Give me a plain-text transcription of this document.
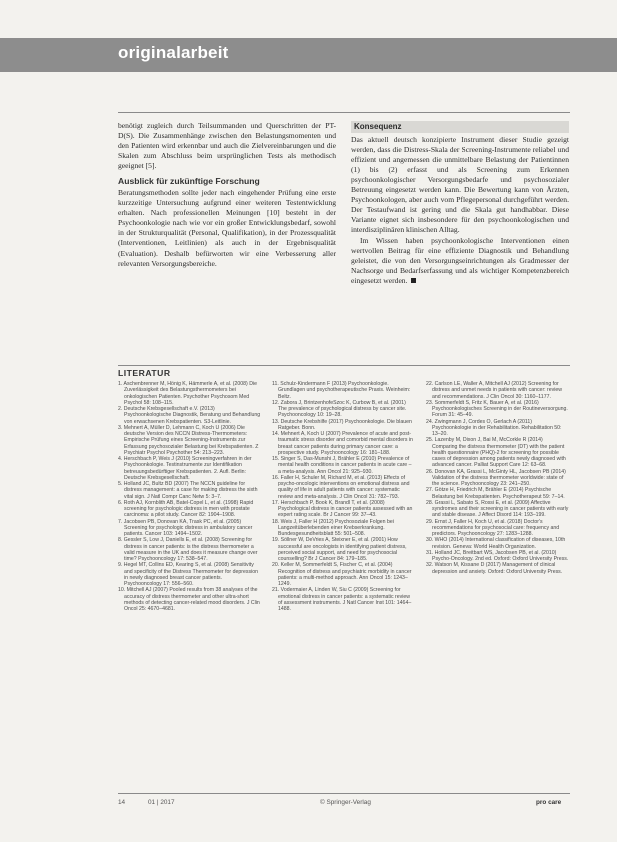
originalarbeit

benötigt zugleich durch Teilsummanden und Querschritten der PT-D(S). Die Zusammenhänge zwischen den Belastungsmomenten und den Patienten wird erkennbar und auch die Zielvereinbarungen und die Skalen zum Abschluss beim ursprünglichen Tests als methodisch geeignet [5].

Ausblick für zukünftige Forschung

Beratungsmethoden sollte jeder nach eingehender Prüfung eine erste kurzzeitige Untersuchung aufgrund einer weiteren Testentwicklung erhalten. Nach professionellen Meinungen [10] besteht in der Psychoonkologie nach wie vor ein großer Entwicklungsbedarf, sowohl in der Strukturqualität (Personal, Qualifikation), in der Prozessqualität (Interventionen, Leitlinien) als auch in der Ergebnisqualität (Evaluation). Deshalb befürworten wir eine Verbesserung aller relevanten Versorgungsbereiche.

Konsequenz

Das aktuell deutsch konzipierte Instrument dieser Studie gezeigt werden, dass die Distress-Skala der Screening-Instrumente reliabel und effizient und angemessen die unmittelbare Belastung der Patientinnen (1) bis (2) erfasst und als Screening zum Erkennen psychoonkologischer Versorgungsbedarfe und psychosozialer Betreuung eingesetzt werden kann. Die Bewertung kann von Ärzten, Psychoonkologen, aber auch vom Pflegepersonal durchgeführt werden. Der Testaufwand ist gering und die Skala gut handhabbar. Diese Variante eignet sich insbesondere für den psychoonkologischen und interdisziplinären klinischen Alltag.

Im Wissen haben psychoonkologische Interventionen einen wertvollen Beitrag für eine effiziente Diagnostik und Behandlung geleistet, die von den Versorgungseinrichtungen als Gradmesser der Nachsorge und Bedarfserfassung und als wichtiger Kompetenzbereich eingesetzt werden.

LITERATUR

1. Aschenbrenner M, Hönig K, Hämmerle A, et al. (2008) Die Zuverlässigkeit des Belastungsthermometers bei onkologischen Patienten. Psychother Psychosom Med Psychol 58: 108–115.

2. Deutsche Krebsgesellschaft e.V. (2013) Psychoonkologische Diagnostik, Beratung und Behandlung von erwachsenen Krebspatienten. S3-Leitlinie.

3. Mehnert A, Müller D, Lehmann C, Koch U (2006) Die deutsche Version des NCCN Distress-Thermometers: Empirische Prüfung eines Screening-Instruments zur Erfassung psychosozialer Belastung bei Krebspatienten. Z Psychiatr Psychol Psychother 54: 213–223.

4. Herschbach P, Weis J (2010) Screeningverfahren in der Psychoonkologie. Testinstrumente zur Identifikation betreuungsbedürftiger Krebspatienten. 2. Aufl. Berlin: Deutsche Krebsgesellschaft.

5. Holland JC, Bultz BD (2007) The NCCN guideline for distress management: a case for making distress the sixth vital sign. J Natl Compr Canc Netw 5: 3–7.

6. Roth AJ, Kornblith AB, Batel-Copel L, et al. (1998) Rapid screening for psychologic distress in men with prostate carcinoma: a pilot study. Cancer 82: 1904–1908.

7. Jacobsen PB, Donovan KA, Trask PC, et al. (2005) Screening for psychologic distress in ambulatory cancer patients. Cancer 103: 1494–1502.

8. Gessler S, Low J, Daniells E, et al. (2008) Screening for distress in cancer patients: is the distress thermometer a valid measure in the UK and does it measure change over time? Psychooncology 17: 538–547.

9. Hegel MT, Collins ED, Kearing S, et al. (2008) Sensitivity and specificity of the Distress Thermometer for depression in newly diagnosed breast cancer patients. Psychooncology 17: 556–560.

10. Mitchell AJ (2007) Pooled results from 38 analyses of the accuracy of distress thermometer and other ultra-short methods of detecting cancer-related mood disorders. J Clin Oncol 25: 4670–4681.

11. Schulz-Kindermann F (2013) Psychoonkologie. Grundlagen und psychotherapeutische Praxis. Weinheim: Beltz.

12. Zabora J, BrintzenhofeSzoc K, Curbow B, et al. (2001) The prevalence of psychological distress by cancer site. Psychooncology 10: 19–28.

13. Deutsche Krebshilfe (2017) Psychoonkologie. Die blauen Ratgeber. Bonn.

14. Mehnert A, Koch U (2007) Prevalence of acute and post-traumatic stress disorder and comorbid mental disorders in breast cancer patients during primary cancer care: a prospective study. Psychooncology 16: 181–188.

15. Singer S, Das-Munshi J, Brähler E (2010) Prevalence of mental health conditions in cancer patients in acute care – a meta-analysis. Ann Oncol 21: 925–930.

16. Faller H, Schuler M, Richard M, et al. (2013) Effects of psycho-oncologic interventions on emotional distress and quality of life in adult patients with cancer: systematic review and meta-analysis. J Clin Oncol 31: 782–793.

17. Herschbach P, Book K, Brandl T, et al. (2008) Psychological distress in cancer patients assessed with an expert rating scale. Br J Cancer 99: 37–43.

18. Weis J, Faller H (2012) Psychosoziale Folgen bei Langzeitüberlebenden einer Krebserkrankung. Bundesgesundheitsblatt 55: 501–508.

19. Söllner W, DeVries A, Steixner E, et al. (2001) How successful are oncologists in identifying patient distress, perceived social support, and need for psychosocial counselling? Br J Cancer 84: 179–185.

20. Keller M, Sommerfeldt S, Fischer C, et al. (2004) Recognition of distress and psychiatric morbidity in cancer patients: a multi-method approach. Ann Oncol 15: 1243–1249.

21. Vodermaier A, Linden W, Siu C (2009) Screening for emotional distress in cancer patients: a systematic review of assessment instruments. J Natl Cancer Inst 101: 1464–1488.

22. Carlson LE, Waller A, Mitchell AJ (2012) Screening for distress and unmet needs in patients with cancer: review and recommendations. J Clin Oncol 30: 1160–1177.

23. Sommerfeldt S, Fritz K, Bauer A, et al. (2016) Psychoonkologisches Screening in der Routineversorgung. Forum 31: 45–49.

24. Zwingmann J, Cordes O, Gerlach A (2011) Psychoonkologie in der Rehabilitation. Rehabilitation 50: 13–20.

25. Lazenby M, Dixon J, Bai M, McCorkle R (2014) Comparing the distress thermometer (DT) with the patient health questionnaire (PHQ)-2 for screening for possible cases of depression among patients newly diagnosed with advanced cancer. Palliat Support Care 12: 63–68.

26. Donovan KA, Grassi L, McGinty HL, Jacobsen PB (2014) Validation of the distress thermometer worldwide: state of the science. Psychooncology 23: 241–250.

27. Götze H, Friedrich M, Brähler E (2014) Psychische Belastung bei Krebspatienten. Psychotherapeut 59: 7–14.

28. Grassi L, Sabato S, Rossi E, et al. (2009) Affective syndromes and their screening in cancer patients with early and stable disease. J Affect Disord 114: 193–199.

29. Ernst J, Faller H, Koch U, et al. (2018) Doctor's recommendations for psychosocial care: frequency and predictors. Psychooncology 27: 1283–1288.

30. WHO (2014) International classification of diseases, 10th revision. Geneva: World Health Organization.

31. Holland JC, Breitbart WS, Jacobsen PB, et al. (2010) Psycho-Oncology. 2nd ed. Oxford: Oxford University Press.

32. Watson M, Kissane D (2017) Management of clinical depression and anxiety. Oxford: Oxford University Press.

14	01 | 2017	© Springer-Verlag	pro care
